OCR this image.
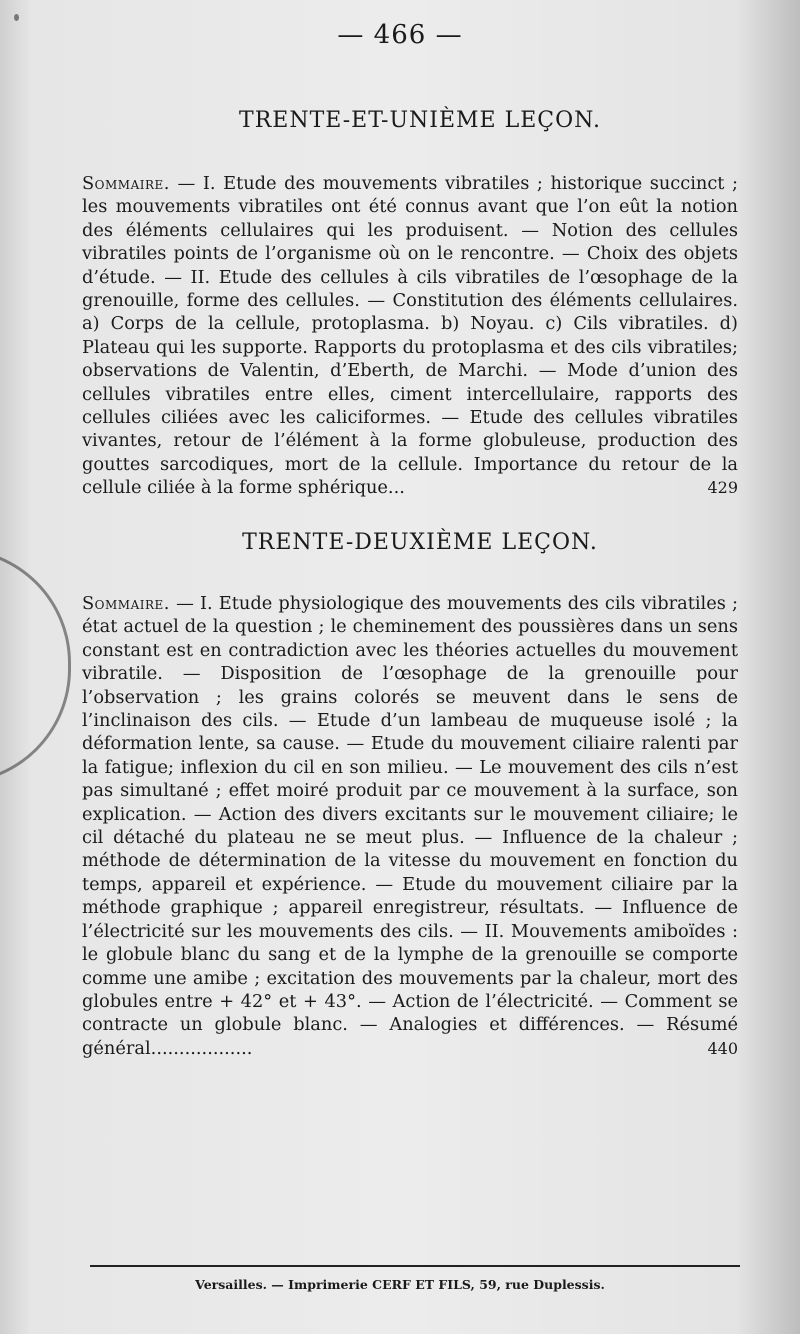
— 466 —
TRENTE-ET-UNIÈME LEÇON.

Sommaire. — I. Etude des mouvements vibratiles ; historique succinct ; les mouvements vibratiles ont été connus avant que l’on eût la notion des éléments cellulaires qui les produisent. — Notion des cellules vibratiles points de l’organisme où on le rencontre. — Choix des objets d’étude. — II. Etude des cellules à cils vibratiles de l’œsophage de la grenouille, forme des cellules. — Constitution des éléments cellulaires. a) Corps de la cellule, protoplasma. b) Noyau. c) Cils vibratiles. d) Plateau qui les supporte. Rapports du protoplasma et des cils vibratiles; observations de Valentin, d’Eberth, de Marchi. — Mode d’union des cellules vibratiles entre elles, ciment intercellulaire, rapports des cellules ciliées avec les caliciformes. — Etude des cellules vibratiles vivantes, retour de l’élément à la forme globuleuse, production des gouttes sarcodiques, mort de la cellule. Importance du retour de la cellule ciliée à la forme sphérique...	429

TRENTE-DEUXIÈME LEÇON.

Sommaire. — I. Etude physiologique des mouvements des cils vibratiles ; état actuel de la question ; le cheminement des poussières dans un sens constant est en contradiction avec les théories actuelles du mouvement vibratile. — Disposition de l’œsophage de la grenouille pour l’observation ; les grains colorés se meuvent dans le sens de l’inclinaison des cils. — Etude d’un lambeau de muqueuse isolé ; la déformation lente, sa cause. — Etude du mouvement ciliaire ralenti par la fatigue; inflexion du cil en son milieu. — Le mouvement des cils n’est pas simultané ; effet moiré produit par ce mouvement à la surface, son explication. — Action des divers excitants sur le mouvement ciliaire; le cil détaché du plateau ne se meut plus. — Influence de la chaleur ; méthode de détermination de la vitesse du mouvement en fonction du temps, appareil et expérience. — Etude du mouvement ciliaire par la méthode graphique ; appareil enregistreur, résultats. — Influence de l’électricité sur les mouvements des cils. — II. Mouvements amiboïdes : le globule blanc du sang et de la lymphe de la grenouille se comporte comme une amibe ; excitation des mouvements par la chaleur, mort des globules entre + 42° et + 43°. — Action de l’électricité. — Comment se contracte un globule blanc. — Analogies et différences. — Résumé général..................	440

Versailles. — Imprimerie CERF ET FILS, 59, rue Duplessis.
